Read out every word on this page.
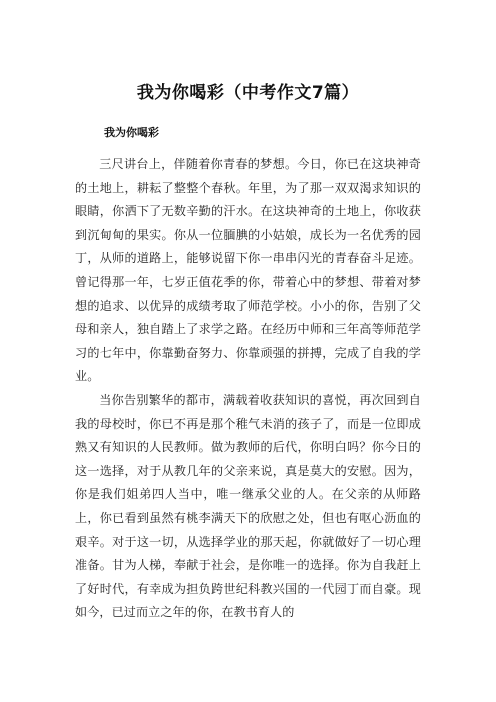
我为你喝彩（中考作文7篇）
我为你喝彩

三尺讲台上，伴随着你青春的梦想。今日，你已在这块神奇的土地上，耕耘了整整个春秋。年里，为了那一双双渴求知识的眼睛，你洒下了无数辛勤的汗水。在这块神奇的土地上，你收获到沉甸甸的果实。你从一位腼腆的小姑娘，成长为一名优秀的园丁，从师的道路上，能够说留下你一串串闪光的青春奋斗足迹。曾记得那一年，七岁正值花季的你，带着心中的梦想、带着对梦想的追求、以优异的成绩考取了师范学校。小小的你，告别了父母和亲人，独自踏上了求学之路。在经历中师和三年高等师范学习的七年中，你靠勤奋努力、你靠顽强的拼搏，完成了自我的学业。

当你告别繁华的都市，满载着收获知识的喜悦，再次回到自我的母校时，你已不再是那个稚气未消的孩子了，而是一位即成熟又有知识的人民教师。做为教师的后代，你明白吗？你今日的这一选择，对于从教几年的父亲来说，真是莫大的安慰。因为，你是我们姐弟四人当中，唯一继承父业的人。在父亲的从师路上，你已看到虽然有桃李满天下的欣慰之处，但也有呕心沥血的艰辛。对于这一切，从选择学业的那天起，你就做好了一切心理准备。甘为人梯，奉献于社会，是你唯一的选择。你为自我赶上了好时代，有幸成为担负跨世纪科教兴国的一代园丁而自豪。现如今，已过而立之年的你，在教书育人的
